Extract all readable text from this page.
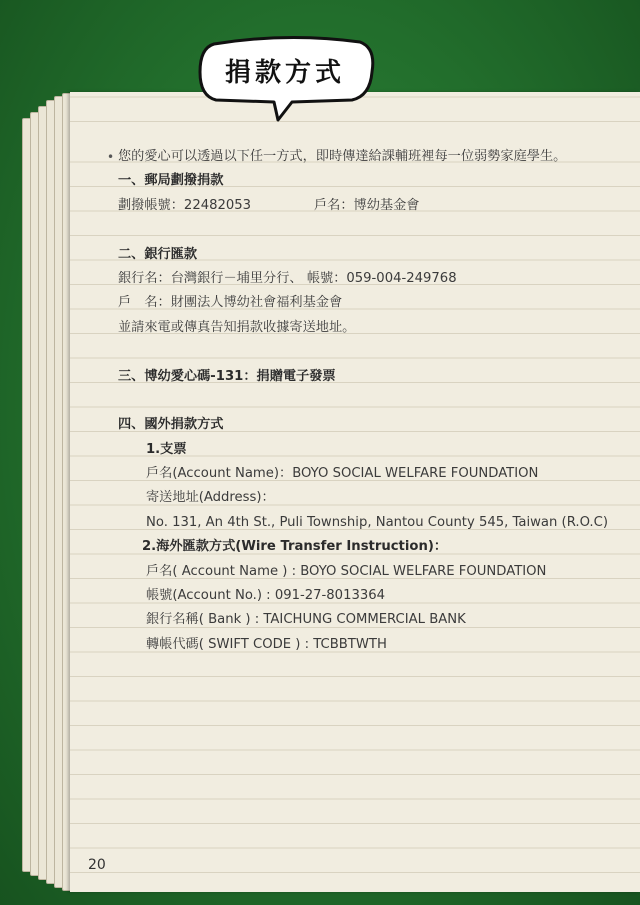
捐款方式
• 您的愛心可以透過以下任一方式，即時傳達給課輔班裡每一位弱勢家庭學生。
一、郵局劃撥捐款
劃撥帳號：22482053	戶名：博幼基金會
二、銀行匯款
銀行名：台灣銀行－埔里分行、 帳號：059-004-249768
戶　名：財團法人博幼社會福利基金會
並請來電或傳真告知捐款收據寄送地址。
三、博幼愛心碼-131：捐贈電子發票
四、國外捐款方式
1.支票
戶名(Account Name)：BOYO SOCIAL WELFARE FOUNDATION
寄送地址(Address)：
No. 131, An 4th St., Puli Township, Nantou County 545, Taiwan (R.O.C)
2.海外匯款方式(Wire Transfer Instruction)：
戶名( Account Name ) : BOYO SOCIAL WELFARE FOUNDATION
帳號(Account No.) : 091-27-8013364
銀行名稱( Bank ) : TAICHUNG COMMERCIAL BANK
轉帳代碼( SWIFT CODE ) : TCBBTWTH
20
